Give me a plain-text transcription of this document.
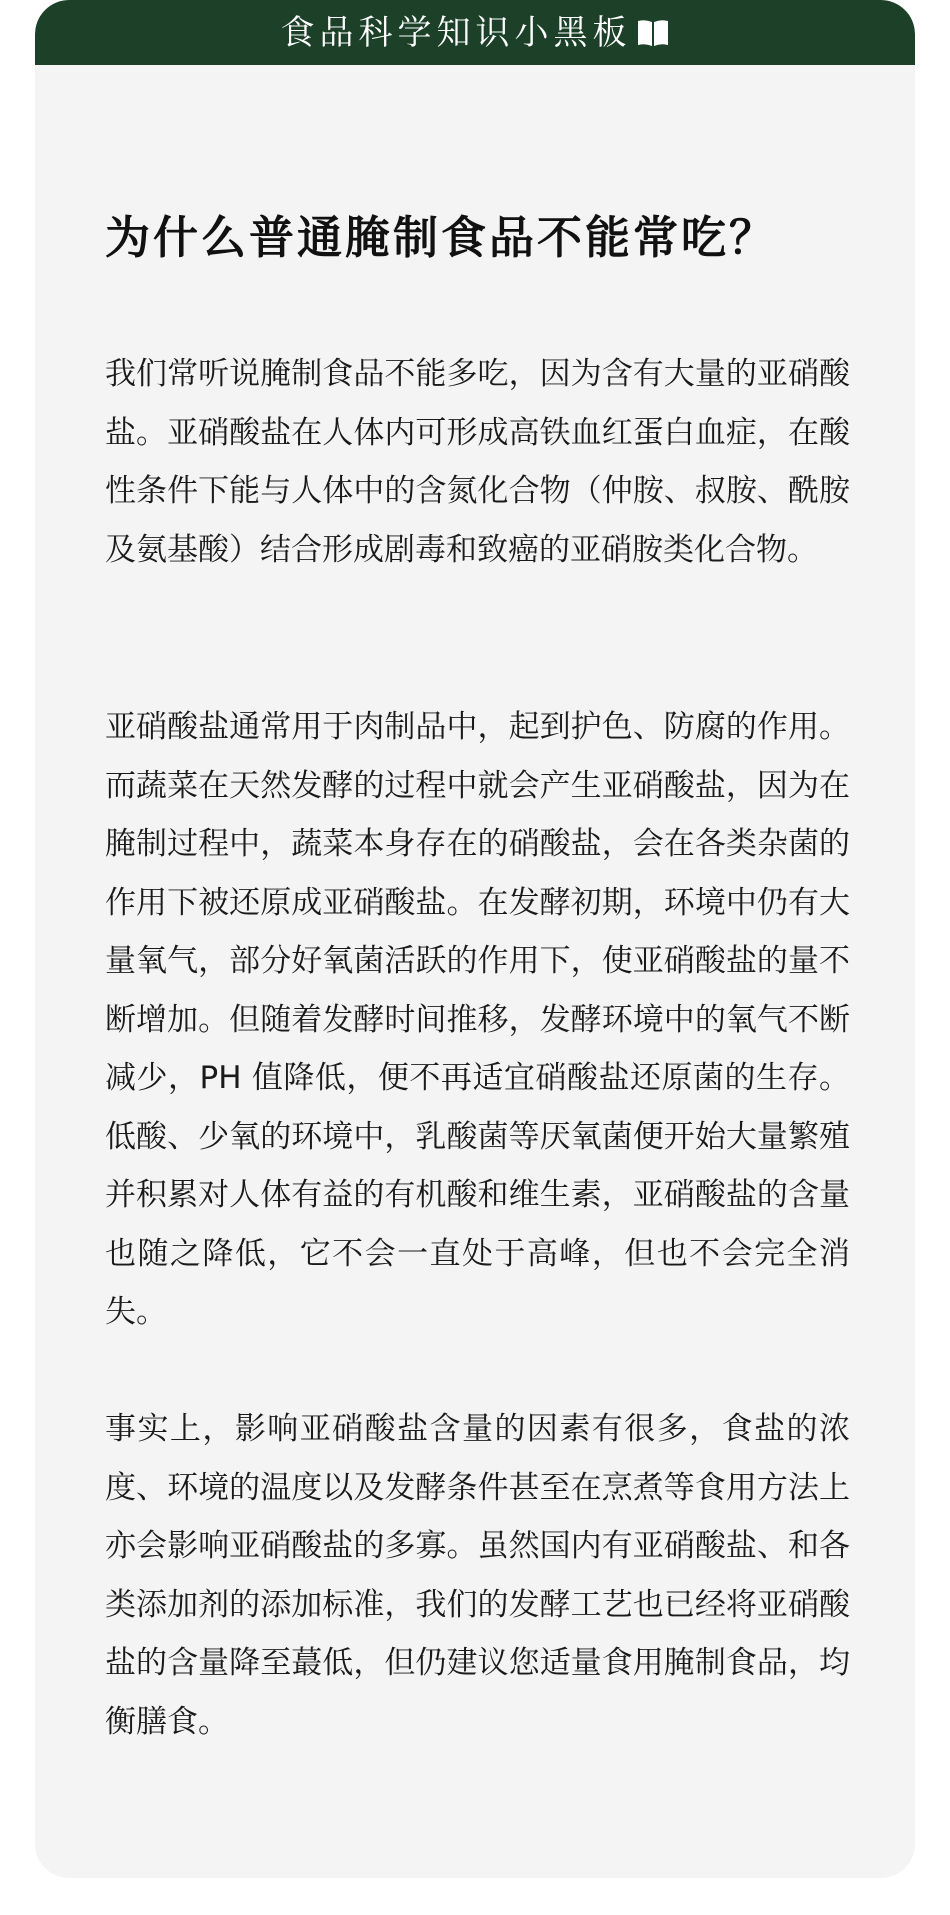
食品科学知识小黑板
为什么普通腌制食品不能常吃？

我们常听说腌制食品不能多吃，因为含有大量的亚硝酸盐。亚硝酸盐在人体内可形成高铁血红蛋白血症，在酸性条件下能与人体中的含氮化合物（仲胺、叔胺、酰胺及氨基酸）结合形成剧毒和致癌的亚硝胺类化合物。

亚硝酸盐通常用于肉制品中，起到护色、防腐的作用。而蔬菜在天然发酵的过程中就会产生亚硝酸盐，因为在腌制过程中，蔬菜本身存在的硝酸盐，会在各类杂菌的作用下被还原成亚硝酸盐。在发酵初期，环境中仍有大量氧气，部分好氧菌活跃的作用下，使亚硝酸盐的量不断增加。但随着发酵时间推移，发酵环境中的氧气不断减少，PH 值降低，便不再适宜硝酸盐还原菌的生存。低酸、少氧的环境中，乳酸菌等厌氧菌便开始大量繁殖并积累对人体有益的有机酸和维生素，亚硝酸盐的含量也随之降低，它不会一直处于高峰，但也不会完全消失。

事实上，影响亚硝酸盐含量的因素有很多，食盐的浓度、环境的温度以及发酵条件甚至在烹煮等食用方法上亦会影响亚硝酸盐的多寡。虽然国内有亚硝酸盐、和各类添加剂的添加标准，我们的发酵工艺也已经将亚硝酸盐的含量降至蕞低，但仍建议您适量食用腌制食品，均衡膳食。
